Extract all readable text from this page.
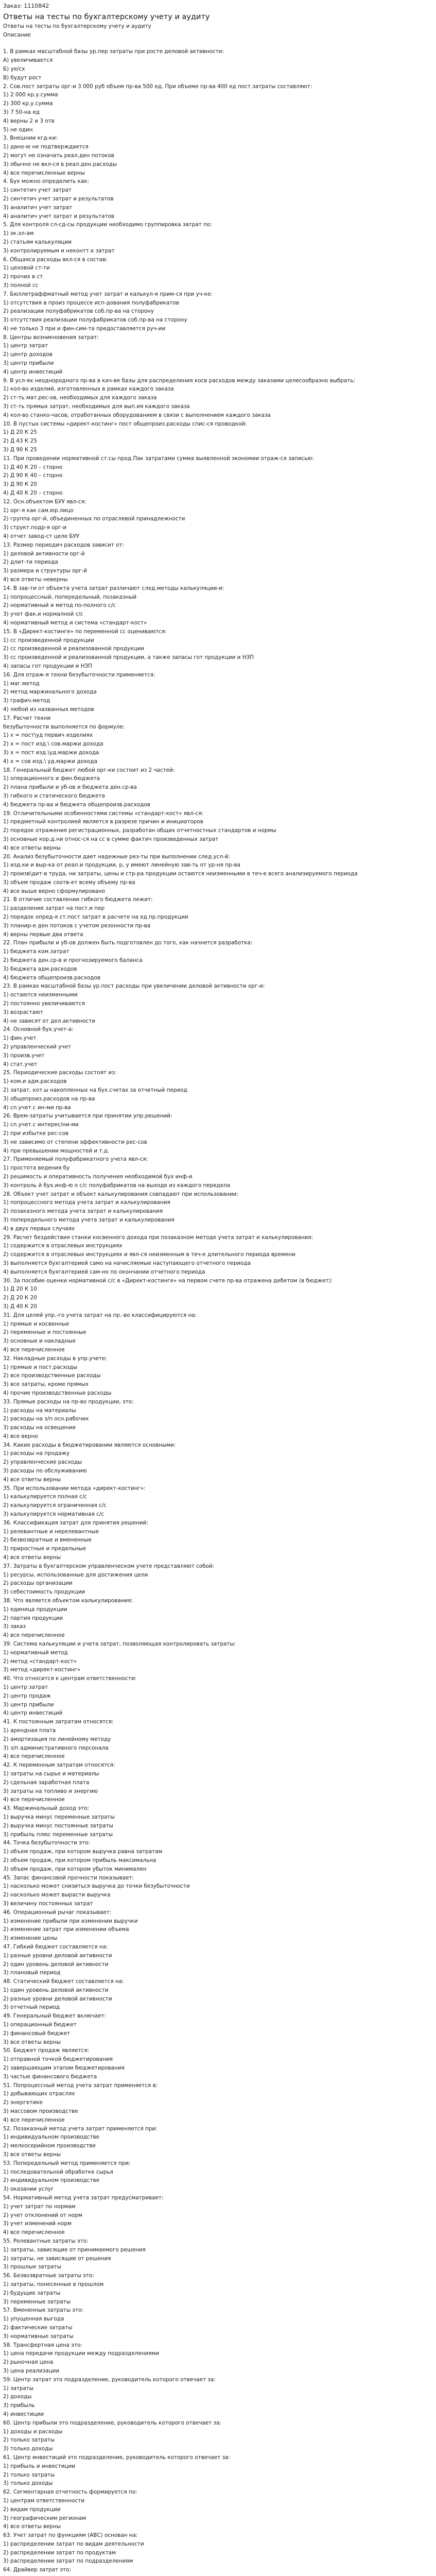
Заказ: 1110842
Ответы на тесты по бухгалтерскому учету и аудиту
Ответы на тесты по бухгалтерскому учету и аудиту
Описание
1. В рамках масштабной базы ур.пер затраты при росте деловой активности:
А) увеличивается
Б) уе/сх
В) будут рост
2. Сов.пост затраты орг-и 3 000 руб объем пр-ва 500 ед. При объеме пр-ва 400 ед пост.затраты составляют:
1) 2 000 кр.у.сумма
2) 300 кр.у.сумма
3) 7 50-на ед
4) верны 2 и 3 отв
5) не один
3. Внешнии кгд-ки:
1) дано-ю не подтверждается
2) могут не означать реал.ден потоков
3) обычно не вкл-ся в реал.ден.расходы
4) все перечисленные верны
4. Бух можно определить как:
1) синтетич учет затрат
2) синтетич учет затрат и результатов
3) аналитич учет затрат
4) аналитич учет затрат и результатов
5. Для контроля сл-сд-сы продукции необходимо группировка затрат по:
1) эк.эл-ам
2) статьям калькуляции
3) контролируемым и неконтт.к затрат
6. Общаяса расходы вкл-ся в состав:
1) цеховой ст-ти
2) прочих в ст
3) полной сс
7. Бюллетраффматный метод учет затрат и калькул-я прим-ся при уч-ке:
1) отсутствия в произ процессе исп-дования полуфабрикатов
2) реализации полуфабрикатов соб.пр-ва на сторону
3) отсутствия реализации полуфабрикатов соб.пр-ва на сторону
4) не только 3 при и фин-сим-та предоставляется руч-ии
8. Центры возникновения затрат:
1) центр затрат
2) центр доходов
3) центр прибыли
4) центр инвестиций
9. В усл-ях неоднородного пр-ва в кач-ве базы для распределения косв расходов между заказами целесообразно выбрать:
1) кол-во изделий, изготовленных в рамках каждого заказа
2) ст-ть мат.рес-ов, необходимых для каждого заказа
3) ст-ть прямых затрат, необходимых для вып.ия каждого заказа
4) кол-во станко-часов, отработанных оборудованием в связи с выполнением каждого заказа
10. В пустых системы «директ-костинг» пост общепроиз.расходы спис-ся проводкой:
1) Д 20 К 25
2) Д 43 К 25
3) Д 90 К 25
11. При проведении нормативной ст.сы прод.Пак затратами сумма выявленной экономии отраж-ся записью:
1) Д 40 К 20 – сторно
2) Д 90 К 40 – сторно
3) Д 90 К 20
4) Д 40 К 20 – сторно
12. Осн.объектом БУУ явл-ся:
1) орг-я как сам.юр.лицо
2) группа орг-й, объединенных по отраслевой принадлежности
3) структ.подр-я орг-и
4) отчет завод-ст целе БУУ
13. Размер периодич расходов зависит от:
1) деловой активности орг-й
2) длит-ти периода
3) размера и структуры орг-й
4) все ответы неверны
14. В зав-ти от объекта учета затрат различают след.методы калькуляции-и:
1) попроцессный, попередельный, позаказный
2) нормативный и метод по-полного с/с
3) учет фак.и нормалной с/с
4) нормативный метод и система «стандарт-кост»
15. В «Директ-костинге» по переменной сс оцениваются:
1) сс произведенной продукции
2) сс произведенной и реализованной продукции
3) сс произведенной и реализованной продукции, а также запасы гот продукции и НЗП
4) запасы гот продукции и НЗП
16. Для отраж-я техни безубыточности применяется:
1) маг.метод
2) метод маржинального дохода
3) графич.метод
4) любой из названных методов
17. Расчет техни
безубыточности выполняется по формуле:
1) х = пост\уд первич изделиях
2) х = пост изд.\ сов.маржи дохода
3) х = пост изд.\уд.маржи дохода
4) х = сов изд.\ уд.маржи дохода
18. Генеральный бюджет любой орг-ки состоит из 2 частей:
1) операционного и фин.бюджета
2) плана прибыли и уб-ов и бюджета ден.ср-ва
3) гибкого и статического бюджета
4) бюджета пр-ва и бюджета общепроизв.расходов
19. Отличительными особенностями системы «стандарт-кост» явл-ся:
1) предметный контролией является в разрезе причин и инициаторов
2) порядок отражения регистрационных, разработан общих отчетностных стандартов и нормы
3) основные кор.д.ни относ-ся на сс в сумме фактич произведенных затрат
4) все ответы верны
20. Анализ безубыточности дает надежные рез-ты при выполнении след.усл-й:
1) изд.ки и выр-ка от реал.и продукции, р, у имеют линейную зав-ть от ур-ня пр-ва
2) произв\дит-в труда, ни затраты, цены и стр-ра продукции остаются неизменными в теч-е всего анализируемого периода
3) объем продаж соотв-ет всему объему пр-ва
4) все выше верно сформулировано
21. В отличие составлении гибкого бюджета лежит:
1) разделение затрат на пост.и пер
2) порядок опред-я ст.пост затрат в расчете на ед.пр.продукции
3) планир-е ден потоков с учетом резонности пр-ва
4) верны первые два ответа
22. План прибыли и уб-ов должен быть подготовлен до того, как начнется разработка:
1) бюджета ком.затрат
2) бюджета ден.ср-в и прогнозируемого баланса
3) бюджета адм.расходов
4) бюджета общепроизв.расходов
23. В рамках масштабной базы ур.пост расходы при увеличении деловой активности орг-и:
1) остаются неизменными
2) постоянно увеличиваются
3) возрастают
4) не зависят от дел.активности
24. Основной бух.учет-а:
1) фин.учет
2) управленческий учет
3) произв.учет
4) стат.учет
25. Периодические расходы состоят из:
1) ком.и адм.расходов
2) затрат, кот.ы накопленных на бух.счетах за отчетный период
3) общепроиз.расходов на пр-ва
4) сп.учет.с ин-ми пр-ва
26. Врем-затраты учитывается при принятии упр.решений:
1) сп.учет.с интерес/ни-ми
2) при избытке рес-сов
3) не зависимо от степени эффективности рес-сов
4) при превышении мощностей и т.д.
27. Применяемый полуфабрикатного учета явл-ся:
1) простота ведения бу
2) решимость и оперативность получения необходимой бух инф-и
3) контроль й бух.инф-ю о с/с полуфабрикатов на выходе из каждого передела
28. Объект учет затрат и объект калькулирования совпадают при использовании:
1) попроцессного метода учета затрат и калькулирования
2) позаказного метода учета затрат и калькулирования
3) попередельного метода учета затрат и калькулирования
4) в двух первых случаях
29. Расчет бездействия станки косвенного дохода при позаказном методе учета затрат и калькулирования:
1) содержится в отраслевых инструкциях
2) содержится в отраслевых инструкциях и явл-ся неизменным в теч-е длительного периода времени
3) выполняется бухгалтерией само на начисляемые наступающего отчетного периода
4) выполняется бухгалтерией сам-но по окончании отчетного периода
30. За пособие оценки нормативной с/с в «Директ-костинге» на первом счете пр-ва отражена дебетом (в бюджет):
1) Д 20 К 10
2) Д 20 К 20
3) Д 40 К 20
31. Для целей упр.-го учета затрат на пр.-во классифицируются на:
1) прямые и косвенные
2) переменные и постоянные
3) основные и накладные
4) все перечисленное
32. Накладные расходы в упр.учете:
1) прямые и пост.расходы
2) все производственные расходы
3) все затраты, кроме прямых
4) прочие производственные расходы
33. Прямые расходы на пр-во продукции, это:
1) расходы на материалы
2) расходы на з/п осн.рабочих
3) расходы на освещение
4) все верно
34. Какие расходы в бюджетировании являются основными:
1) расходы на продажу
2) управленческие расходы
3) расходы по обслуживанию
4) все ответы верны
35. При использовании метода «директ-костинг»:
1) калькулируется полная с/с
2) калькулируется ограниченная с/с
3) калькулируется нормативная с/с
36. Классификация затрат для принятия решений:
1) релевантные и нерелевантные
2) безвозвратные и вмененные
3) приростные и предельные
4) все ответы верны
37. Затраты в бухгалтерском управленческом учете представляют собой:
1) ресурсы, использованные для достижения цели
2) расходы организации
3) себестоимость продукции
38. Что является объектом калькулирования:
1) единица продукции
2) партия продукции
3) заказ
4) все перечисленное
39. Система калькуляции и учета затрат, позволяющая контролировать затраты:
1) нормативный метод
2) метод «стандарт-кост»
3) метод «директ-костинг»
40. Что относится к центрам ответственности:
1) центр затрат
2) центр продаж
3) центр прибыли
4) центр инвестиций
41. К постоянным затратам относятся:
1) арендная плата
2) амортизация по линейному методу
3) з/п административного персонала
4) все перечисленное
42. К переменным затратам относятся:
1) затраты на сырье и материалы
2) сдельная заработная плата
3) затраты на топливо и энергию
4) все перечисленное
43. Маржинальный доход это:
1) выручка минус переменные затраты
2) выручка минус постоянные затраты
3) прибыль плюс переменные затраты
44. Точка безубыточности это:
1) объем продаж, при котором выручка равна затратам
2) объем продаж, при котором прибыль максимальна
3) объем продаж, при котором убыток минимален
45. Запас финансовой прочности показывает:
1) насколько может снизиться выручка до точки безубыточности
2) насколько может вырасти выручка
3) величину постоянных затрат
46. Операционный рычаг показывает:
1) изменение прибыли при изменении выручки
2) изменение затрат при изменении объема
3) изменение цены
47. Гибкий бюджет составляется на:
1) разные уровни деловой активности
2) один уровень деловой активности
3) плановый период
48. Статический бюджет составляется на:
1) один уровень деловой активности
2) разные уровни деловой активности
3) отчетный период
49. Генеральный бюджет включает:
1) операционный бюджет
2) финансовый бюджет
3) все ответы верны
50. Бюджет продаж является:
1) отправной точкой бюджетирования
2) завершающим этапом бюджетирования
3) частью финансового бюджета
51. Попроцессный метод учета затрат применяется в:
1) добывающих отраслях
2) энергетике
3) массовом производстве
4) все перечисленное
52. Позаказный метод учета затрат применяется при:
1) индивидуальном производстве
2) мелкосерийном производстве
3) все ответы верны
53. Попередельный метод применяется при:
1) последовательной обработке сырья
2) индивидуальном производстве
3) оказании услуг
54. Нормативный метод учета затрат предусматривает:
1) учет затрат по нормам
2) учет отклонений от норм
3) учет изменений норм
4) все перечисленное
55. Релевантные затраты это:
1) затраты, зависящие от принимаемого решения
2) затраты, не зависящие от решения
3) прошлые затраты
56. Безвозвратные затраты это:
1) затраты, понесенные в прошлом
2) будущие затраты
3) переменные затраты
57. Вмененные затраты это:
1) упущенная выгода
2) фактические затраты
3) нормативные затраты
58. Трансфертная цена это:
1) цена передачи продукции между подразделениями
2) рыночная цена
3) цена реализации
59. Центр затрат это подразделение, руководитель которого отвечает за:
1) затраты
2) доходы
3) прибыль
4) инвестиции
60. Центр прибыли это подразделение, руководитель которого отвечает за:
1) доходы и расходы
2) только затраты
3) только доходы
61. Центр инвестиций это подразделение, руководитель которого отвечает за:
1) прибыль и инвестиции
2) только затраты
3) только доходы
62. Сегментарная отчетность формируется по:
1) центрам ответственности
2) видам продукции
3) географическим регионам
4) все ответы верны
63. Учет затрат по функциям (АВС) основан на:
1) распределении затрат по видам деятельности
2) распределении затрат по продуктам
3) распределении затрат по подразделениям
64. Драйвер затрат это:
